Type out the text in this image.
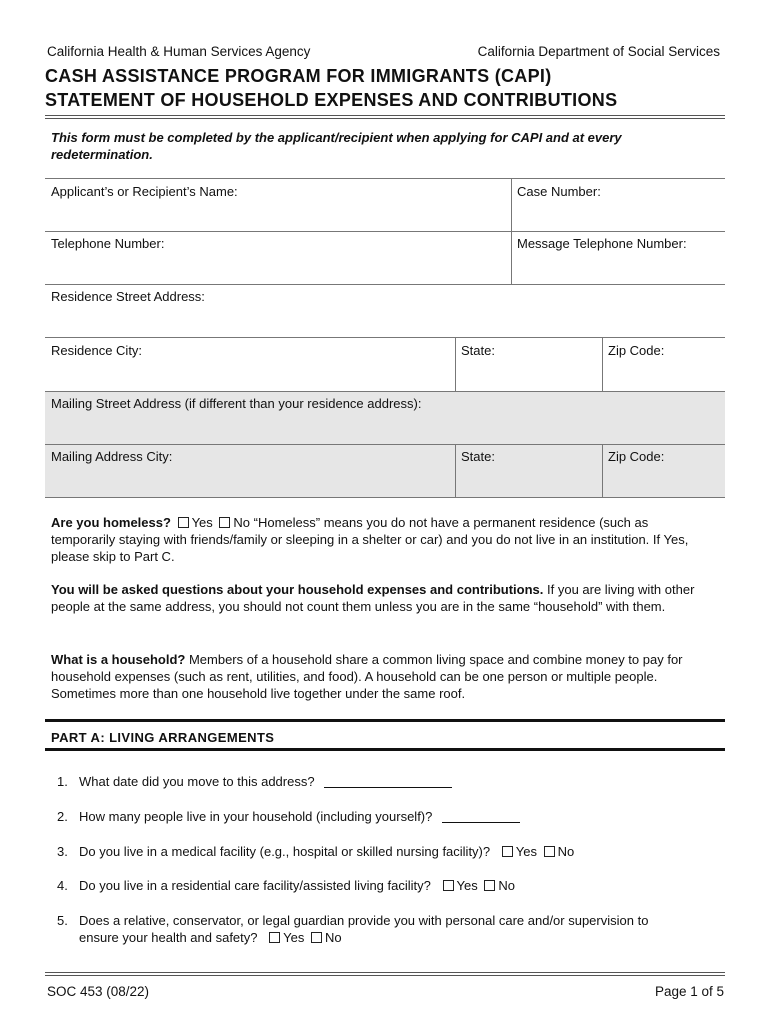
California Health & Human Services Agency	California Department of Social Services
CASH ASSISTANCE PROGRAM FOR IMMIGRANTS (CAPI)
STATEMENT OF HOUSEHOLD EXPENSES AND CONTRIBUTIONS
This form must be completed by the applicant/recipient when applying for CAPI and at every redetermination.
Applicant’s or Recipient’s Name:	Case Number:
Telephone Number:	Message Telephone Number:
Residence Street Address:
Residence City:	State:	Zip Code:
Mailing Street Address (if different than your residence address):
Mailing Address City:	State:	Zip Code:
Are you homeless? Yes No “Homeless” means you do not have a permanent residence (such as temporarily staying with friends/family or sleeping in a shelter or car) and you do not live in an institution. If Yes, please skip to Part C.
You will be asked questions about your household expenses and contributions. If you are living with other people at the same address, you should not count them unless you are in the same “household” with them.
What is a household? Members of a household share a common living space and combine money to pay for household expenses (such as rent, utilities, and food). A household can be one person or multiple people. Sometimes more than one household live together under the same roof.
PART A: LIVING ARRANGEMENTS
1. What date did you move to this address?
2. How many people live in your household (including yourself)?
3. Do you live in a medical facility (e.g., hospital or skilled nursing facility)? Yes No
4. Do you live in a residential care facility/assisted living facility? Yes No
5. Does a relative, conservator, or legal guardian provide you with personal care and/or supervision to
ensure your health and safety? Yes No
SOC 453 (08/22)	Page 1 of 5
